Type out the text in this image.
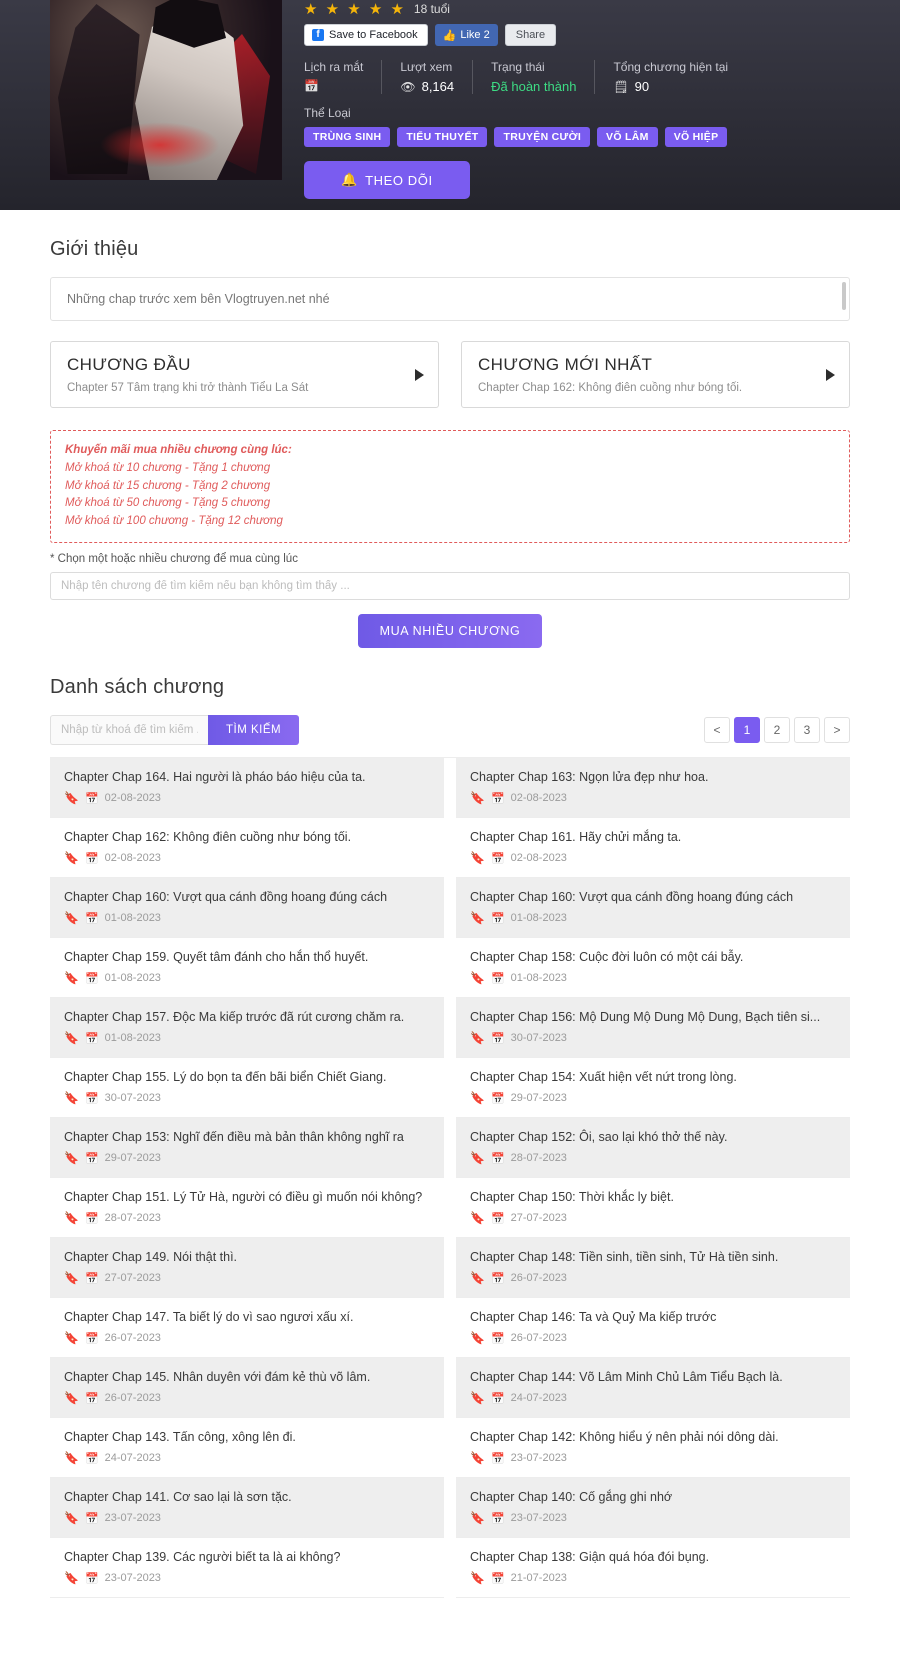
★ ★ ★ ★ ★ 18 tuổi
f Save to Facebook 👍 Like 2 Share
Lịch ra mắt
📅
Lượt xem
👁 8,164
Trạng thái
Đã hoàn thành
Tổng chương hiện tại
🗒 90
Thể Loại
TRÙNG SINH	TIỂU THUYẾT	TRUYỆN CƯỜI	VÕ LÂM	VÕ HIỆP
🔔 THEO DÕI
Giới thiệu
Những chap trước xem bên Vlogtruyen.net nhé
CHƯƠNG ĐẦU
Chapter 57 Tâm trạng khi trở thành Tiểu La Sát
CHƯƠNG MỚI NHẤT
Chapter Chap 162: Không điên cuồng như bóng tối.
Khuyến mãi mua nhiều chương cùng lúc:
Mở khoá từ 10 chương - Tặng 1 chương
Mở khoá từ 15 chương - Tặng 2 chương
Mở khoá từ 50 chương - Tặng 5 chương
Mở khoá từ 100 chương - Tặng 12 chương
* Chọn một hoặc nhiều chương để mua cùng lúc
Nhập tên chương để tìm kiếm nếu bạn không tìm thấy ...
MUA NHIỀU CHƯƠNG
Danh sách chương
Nhập từ khoá để tìm kiếm ...
TÌM KIẾM	<	1	2	3	>
Chapter Chap 164. Hai người là pháo báo hiệu của ta.
🔖 📅 02-08-2023
Chapter Chap 163: Ngọn lửa đẹp như hoa.
🔖 📅 02-08-2023
Chapter Chap 162: Không điên cuồng như bóng tối.
🔖 📅 02-08-2023
Chapter Chap 161. Hãy chửi mắng ta.
🔖 📅 02-08-2023
Chapter Chap 160: Vượt qua cánh đồng hoang đúng cách
🔖 📅 01-08-2023
Chapter Chap 160: Vượt qua cánh đồng hoang đúng cách
🔖 📅 01-08-2023
Chapter Chap 159. Quyết tâm đánh cho hắn thổ huyết.
🔖 📅 01-08-2023
Chapter Chap 158: Cuộc đời luôn có một cái bẫy.
🔖 📅 01-08-2023
Chapter Chap 157. Độc Ma kiếp trước đã rút cương chăm ra.
🔖 📅 01-08-2023
Chapter Chap 156: Mộ Dung Mộ Dung Mộ Dung, Bạch tiên si...
🔖 📅 30-07-2023
Chapter Chap 155. Lý do bọn ta đến bãi biển Chiết Giang.
🔖 📅 30-07-2023
Chapter Chap 154: Xuất hiện vết nứt trong lòng.
🔖 📅 29-07-2023
Chapter Chap 153: Nghĩ đến điều mà bản thân không nghĩ ra
🔖 📅 29-07-2023
Chapter Chap 152: Ôi, sao lại khó thở thế này.
🔖 📅 28-07-2023
Chapter Chap 151. Lý Tử Hà, người có điều gì muốn nói không?
🔖 📅 28-07-2023
Chapter Chap 150: Thời khắc ly biệt.
🔖 📅 27-07-2023
Chapter Chap 149. Nói thật thì.
🔖 📅 27-07-2023
Chapter Chap 148: Tiền sinh, tiền sinh, Tử Hà tiền sinh.
🔖 📅 26-07-2023
Chapter Chap 147. Ta biết lý do vì sao ngươi xấu xí.
🔖 📅 26-07-2023
Chapter Chap 146: Ta và Quỷ Ma kiếp trước
🔖 📅 26-07-2023
Chapter Chap 145. Nhân duyên với đám kẻ thù võ lâm.
🔖 📅 26-07-2023
Chapter Chap 144: Võ Lâm Minh Chủ Lâm Tiểu Bạch là.
🔖 📅 24-07-2023
Chapter Chap 143. Tấn công, xông lên đi.
🔖 📅 24-07-2023
Chapter Chap 142: Không hiểu ý nên phải nói dông dài.
🔖 📅 23-07-2023
Chapter Chap 141. Cơ sao lại là sơn tặc.
🔖 📅 23-07-2023
Chapter Chap 140: Cố gắng ghi nhớ
🔖 📅 23-07-2023
Chapter Chap 139. Các người biết ta là ai không?
🔖 📅 23-07-2023
Chapter Chap 138: Giận quá hóa đói bụng.
🔖 📅 21-07-2023
